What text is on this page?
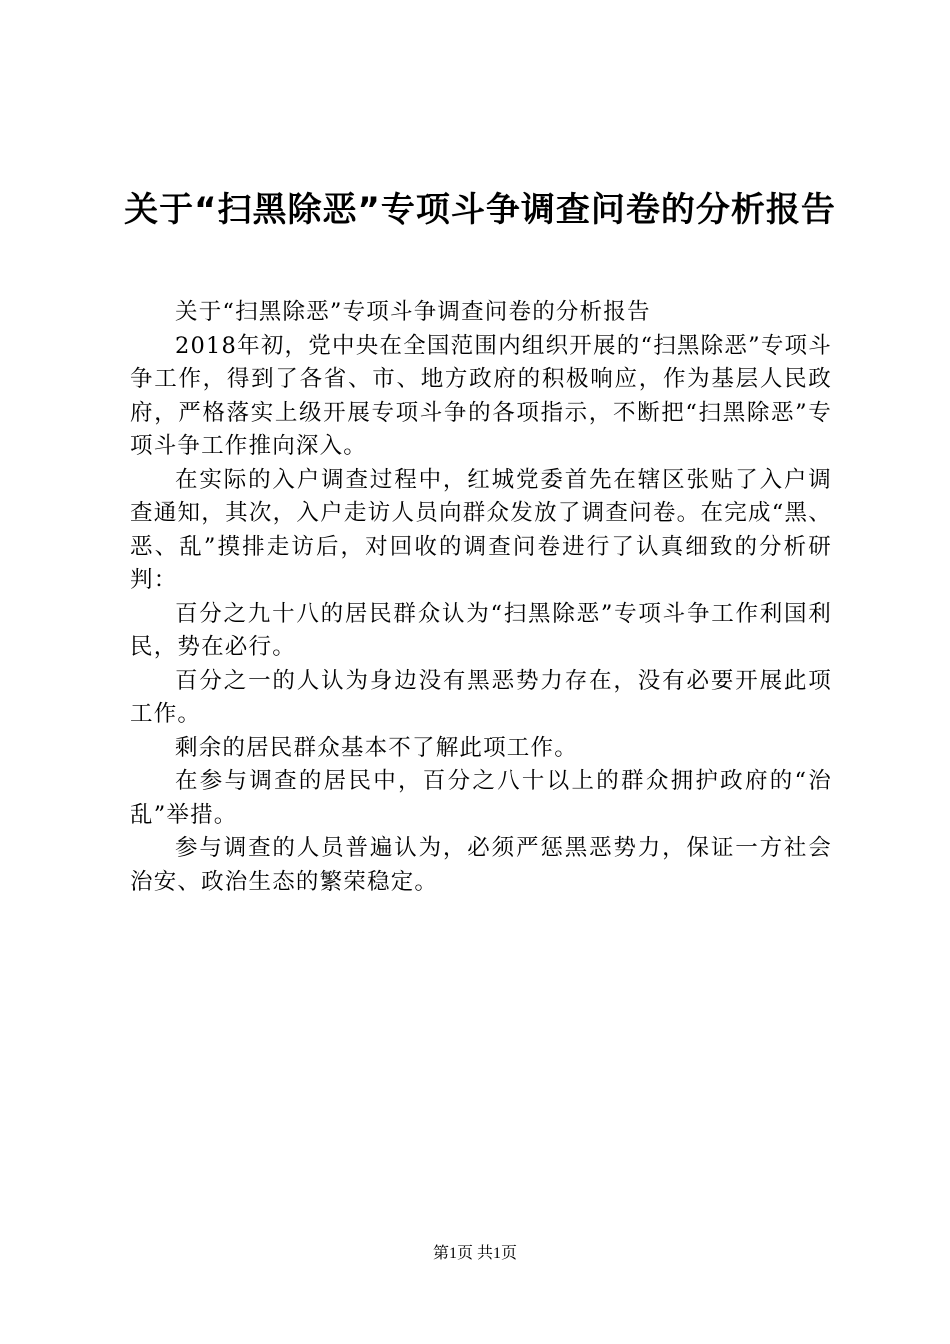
关于“扫黑除恶”专项斗争调查问卷的分析报告

关于“扫黑除恶”专项斗争调查问卷的分析报告

2018年初，党中央在全国范围内组织开展的“扫黑除恶”专项斗争工作，得到了各省、市、地方政府的积极响应，作为基层人民政府，严格落实上级开展专项斗争的各项指示，不断把“扫黑除恶”专项斗争工作推向深入。

在实际的入户调查过程中，红城党委首先在辖区张贴了入户调查通知，其次，入户走访人员向群众发放了调查问卷。在完成“黑、恶、乱”摸排走访后，对回收的调查问卷进行了认真细致的分析研判：

百分之九十八的居民群众认为“扫黑除恶”专项斗争工作利国利民，势在必行。

百分之一的人认为身边没有黑恶势力存在，没有必要开展此项工作。

剩余的居民群众基本不了解此项工作。

在参与调查的居民中，百分之八十以上的群众拥护政府的“治乱”举措。

参与调查的人员普遍认为，必须严惩黑恶势力，保证一方社会治安、政治生态的繁荣稳定。

第1页 共1页
